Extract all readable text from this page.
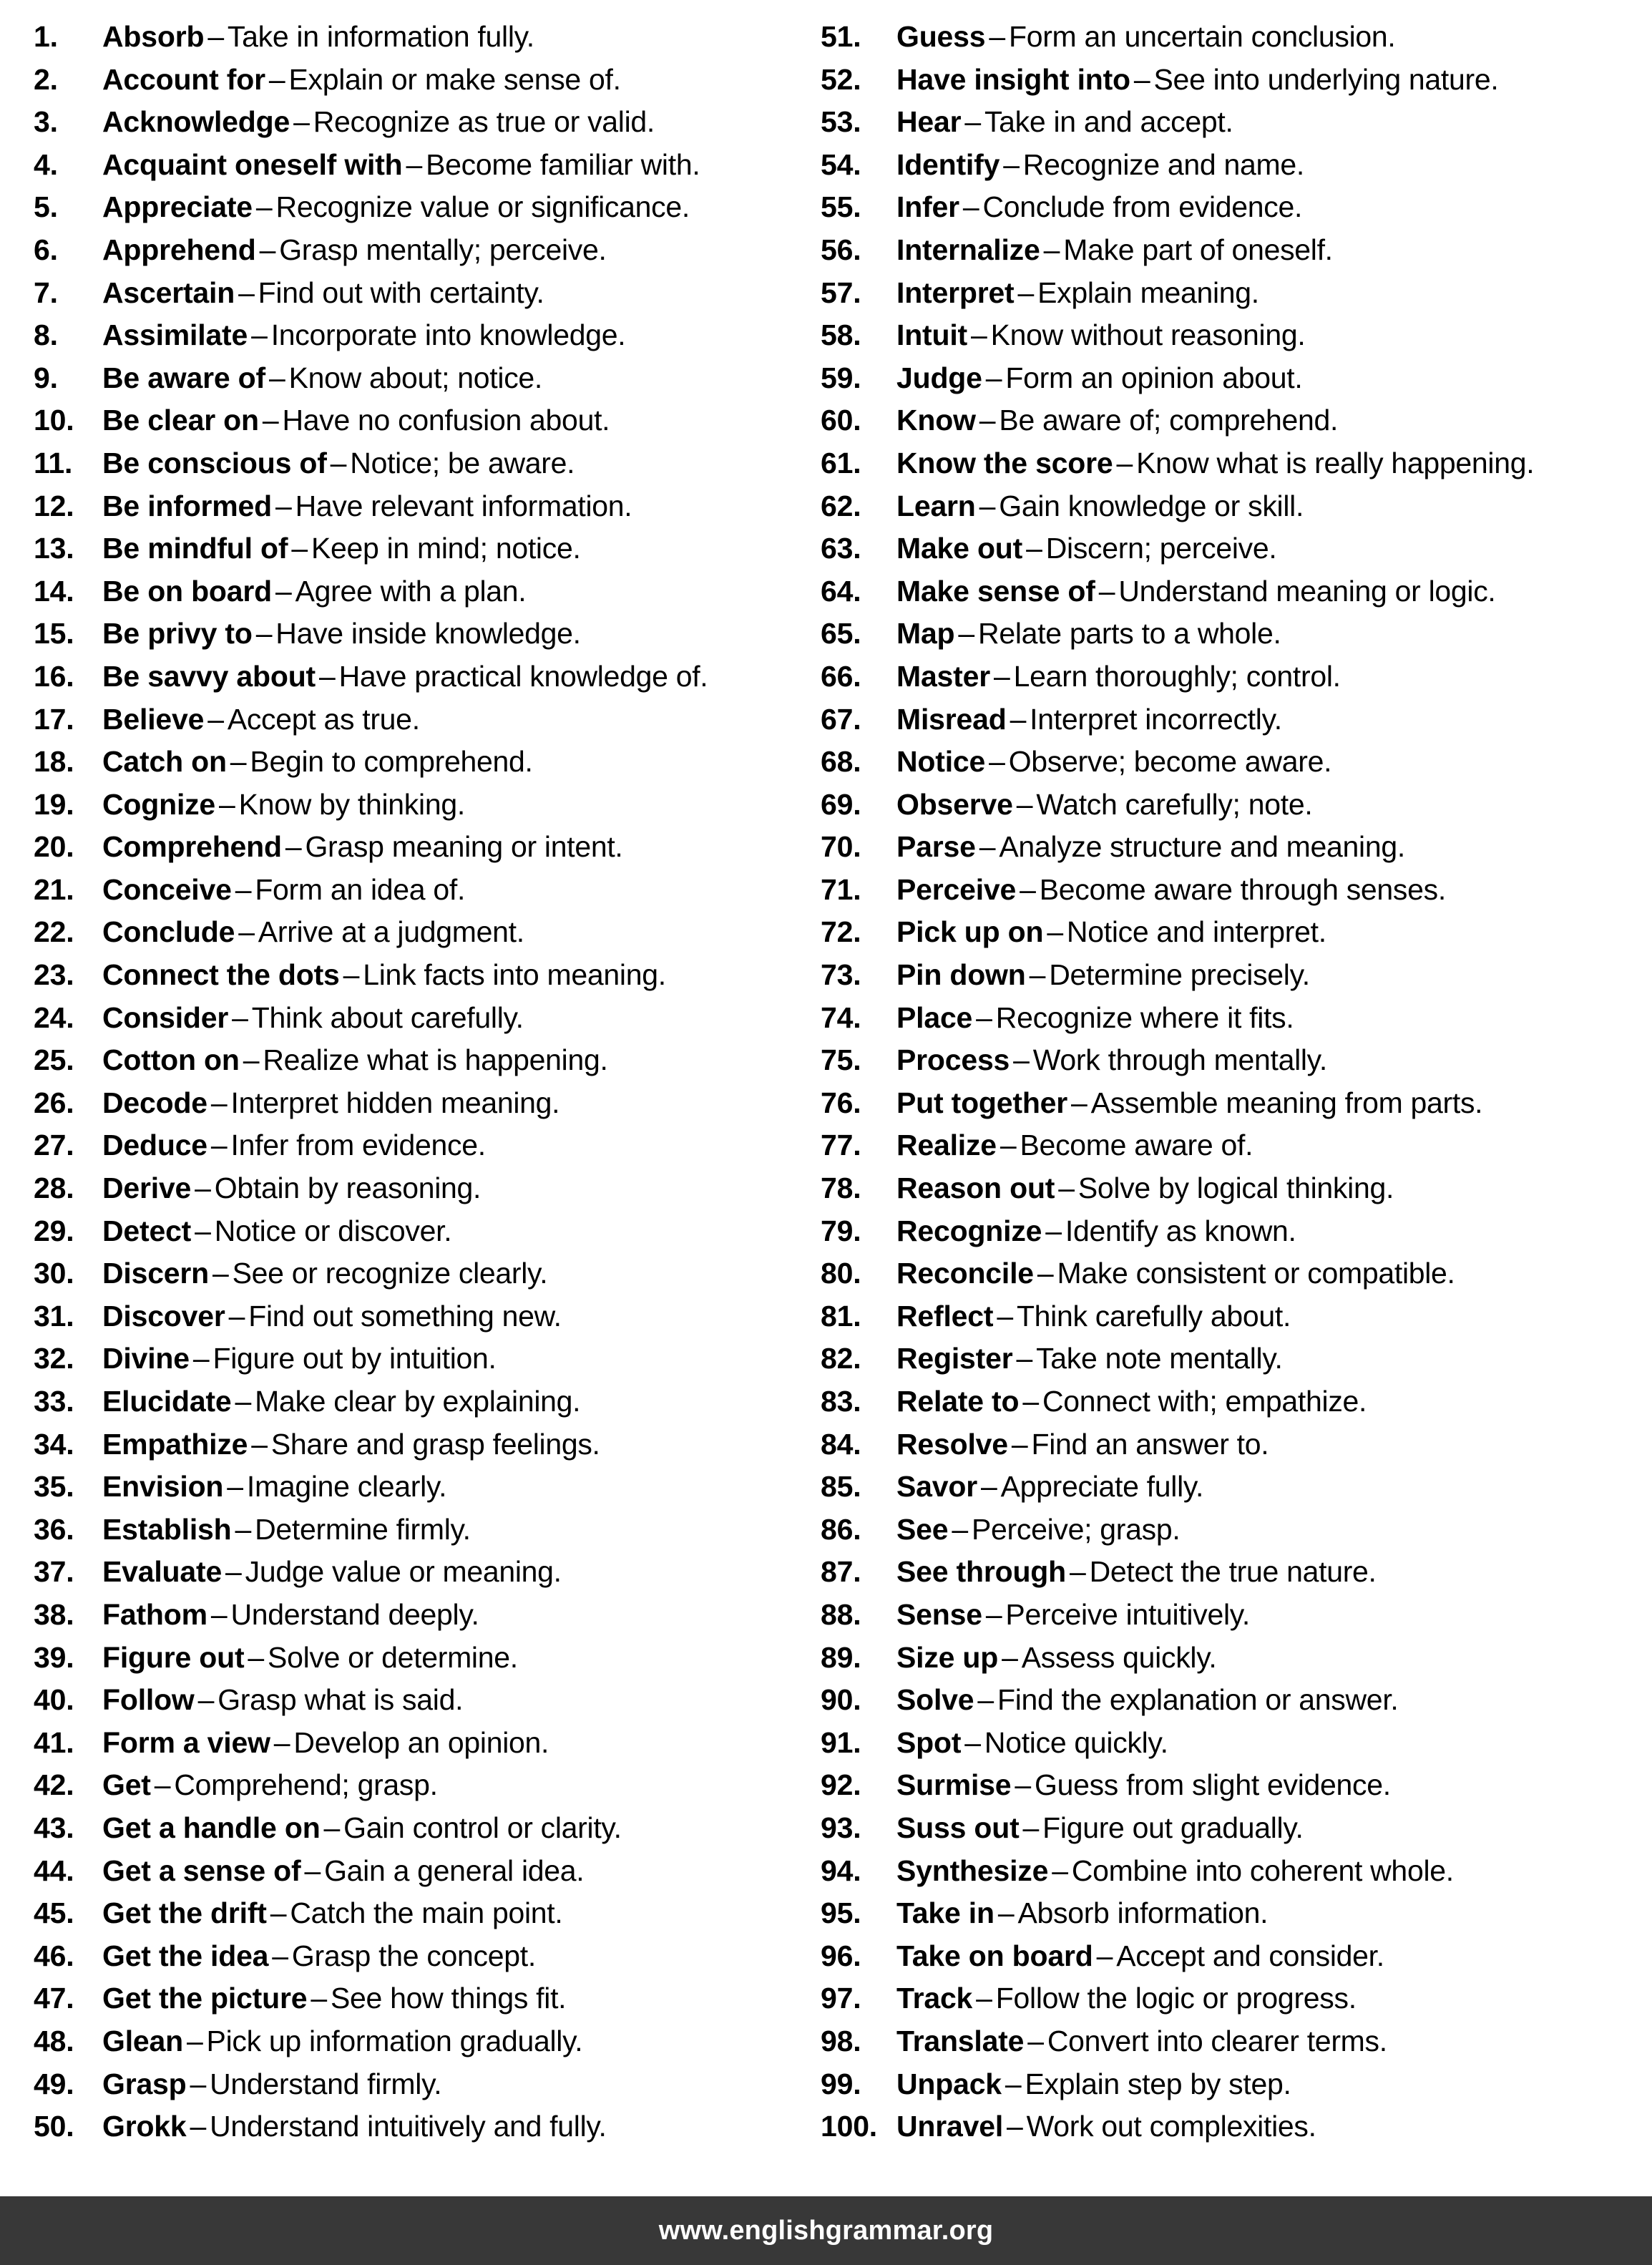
1.	Absorb – Take in information fully.
2.	Account for – Explain or make sense of.
3.	Acknowledge – Recognize as true or valid.
4.	Acquaint oneself with – Become familiar with.
5.	Appreciate – Recognize value or significance.
6.	Apprehend – Grasp mentally; perceive.
7.	Ascertain – Find out with certainty.
8.	Assimilate – Incorporate into knowledge.
9.	Be aware of – Know about; notice.
10. Be clear on – Have no confusion about.
11.	Be conscious of – Notice; be aware.
12. Be informed – Have relevant information.
13. Be mindful of – Keep in mind; notice.
14. Be on board – Agree with a plan.
15. Be privy to – Have inside knowledge.
16. Be savvy about – Have practical knowledge of.
17. Believe – Accept as true.
18. Catch on – Begin to comprehend.
19. Cognize – Know by thinking.
20. Comprehend – Grasp meaning or intent.
21. Conceive – Form an idea of.
22. Conclude – Arrive at a judgment.
23. Connect the dots – Link facts into meaning.
24. Consider – Think about carefully.
25. Cotton on – Realize what is happening.
26. Decode – Interpret hidden meaning.
27. Deduce – Infer from evidence.
28. Derive – Obtain by reasoning.
29. Detect – Notice or discover.
30. Discern – See or recognize clearly.
31. Discover – Find out something new.
32. Divine – Figure out by intuition.
33. Elucidate – Make clear by explaining.
34. Empathize – Share and grasp feelings.
35. Envision – Imagine clearly.
36. Establish – Determine firmly.
37. Evaluate – Judge value or meaning.
38. Fathom – Understand deeply.
39. Figure out – Solve or determine.
40. Follow – Grasp what is said.
41. Form a view – Develop an opinion.
42. Get – Comprehend; grasp.
43. Get a handle on – Gain control or clarity.
44. Get a sense of – Gain a general idea.
45. Get the drift – Catch the main point.
46. Get the idea – Grasp the concept.
47. Get the picture – See how things fit.
48. Glean – Pick up information gradually.
49. Grasp – Understand firmly.
50. Grokk – Understand intuitively and fully.
51.	Guess – Form an uncertain conclusion.
52.	Have insight into – See into underlying nature.
53.	Hear – Take in and accept.
54.	Identify – Recognize and name.
55.	Infer – Conclude from evidence.
56.	Internalize – Make part of oneself.
57.	Interpret – Explain meaning.
58.	Intuit – Know without reasoning.
59.	Judge – Form an opinion about.
60.	Know – Be aware of; comprehend.
61.	Know the score – Know what is really happening.
62.	Learn – Gain knowledge or skill.
63.	Make out – Discern; perceive.
64.	Make sense of – Understand meaning or logic.
65.	Map – Relate parts to a whole.
66.	Master – Learn thoroughly; control.
67.	Misread – Interpret incorrectly.
68.	Notice – Observe; become aware.
69.	Observe – Watch carefully; note.
70.	Parse – Analyze structure and meaning.
71.	Perceive – Become aware through senses.
72.	Pick up on – Notice and interpret.
73.	Pin down – Determine precisely.
74.	Place – Recognize where it fits.
75.	Process – Work through mentally.
76.	Put together – Assemble meaning from parts.
77.	Realize – Become aware of.
78.	Reason out – Solve by logical thinking.
79.	Recognize – Identify as known.
80.	Reconcile – Make consistent or compatible.
81.	Reflect – Think carefully about.
82.	Register – Take note mentally.
83.	Relate to – Connect with; empathize.
84.	Resolve – Find an answer to.
85.	Savor – Appreciate fully.
86.	See – Perceive; grasp.
87.	See through – Detect the true nature.
88.	Sense – Perceive intuitively.
89.	Size up – Assess quickly.
90.	Solve – Find the explanation or answer.
91.	Spot – Notice quickly.
92.	Surmise – Guess from slight evidence.
93.	Suss out – Figure out gradually.
94.	Synthesize – Combine into coherent whole.
95.	Take in – Absorb information.
96.	Take on board – Accept and consider.
97.	Track – Follow the logic or progress.
98.	Translate – Convert into clearer terms.
99.	Unpack – Explain step by step.
100. Unravel – Work out complexities.
www.englishgrammar.org
